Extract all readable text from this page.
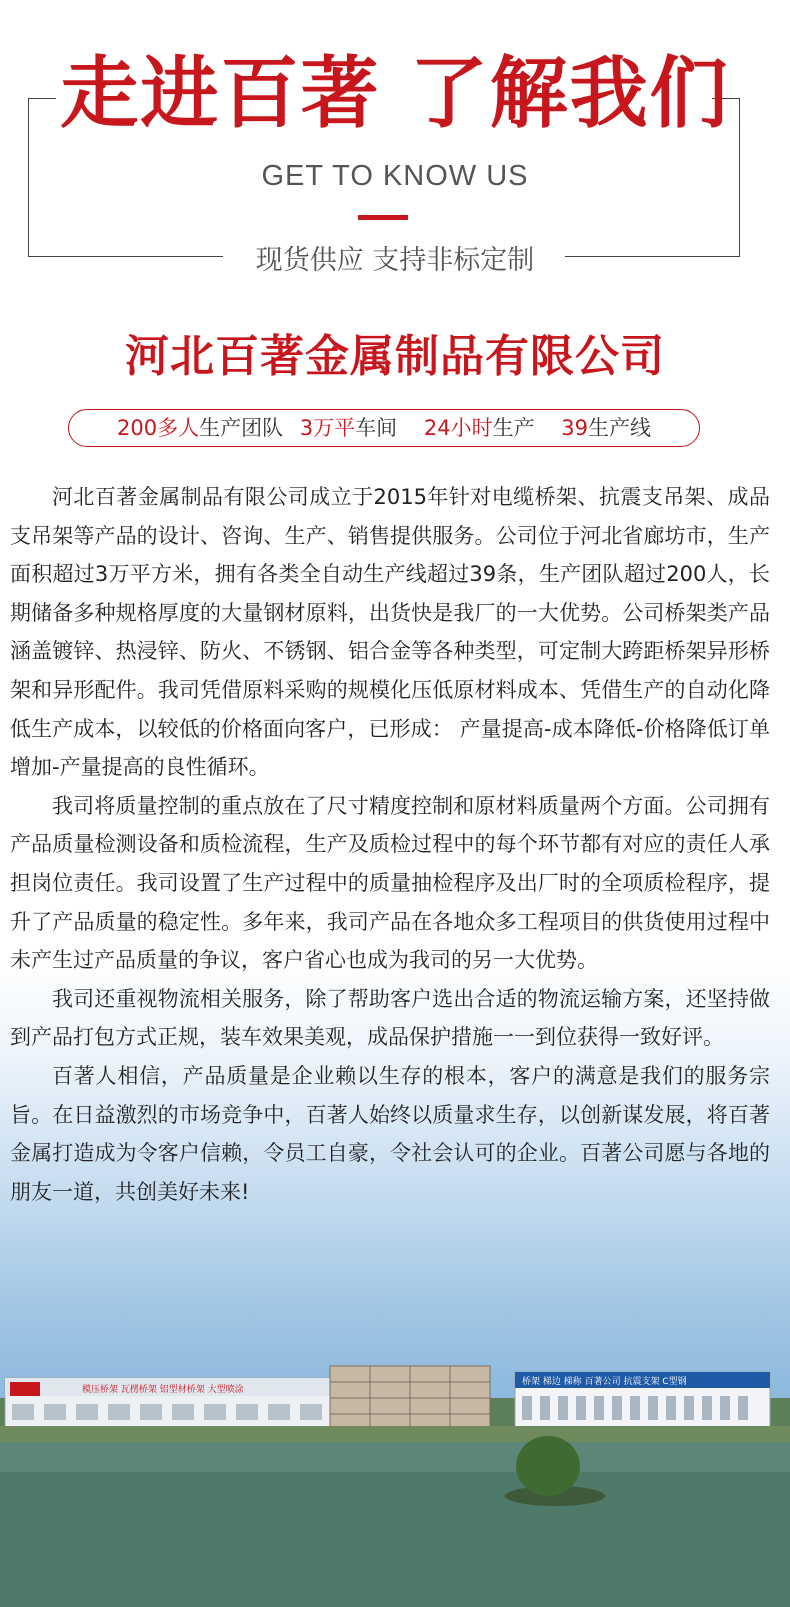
走进百著 了解我们
GET TO KNOW US
现货供应 支持非标定制
河北百著金属制品有限公司
200多人生产团队 3万平车间 24小时生产 39生产线

河北百著金属制品有限公司成立于2015年针对电缆桥架、抗震支吊架、成品支吊架等产品的设计、咨询、生产、销售提供服务。公司位于河北省廊坊市，生产面积超过3万平方米，拥有各类全自动生产线超过39条，生产团队超过200人，长期储备多种规格厚度的大量钢材原料，出货快是我厂的一大优势。公司桥架类产品涵盖镀锌、热浸锌、防火、不锈钢、铝合金等各种类型，可定制大跨距桥架异形桥架和异形配件。我司凭借原料采购的规模化压低原材料成本、凭借生产的自动化降低生产成本，以较低的价格面向客户，已形成： 产量提高-成本降低-价格降低订单增加-产量提高的良性循环。

我司将质量控制的重点放在了尺寸精度控制和原材料质量两个方面。公司拥有产品质量检测设备和质检流程，生产及质检过程中的每个环节都有对应的责任人承担岗位责任。我司设置了生产过程中的质量抽检程序及出厂时的全项质检程序，提升了产品质量的稳定性。多年来，我司产品在各地众多工程项目的供货使用过程中未产生过产品质量的争议，客户省心也成为我司的另一大优势。

我司还重视物流相关服务，除了帮助客户选出合适的物流运输方案，还坚持做到产品打包方式正规，装车效果美观，成品保护措施一一到位获得一致好评。

百著人相信，产品质量是企业赖以生存的根本，客户的满意是我们的服务宗旨。在日益激烈的市场竞争中，百著人始终以质量求生存，以创新谋发展，将百著金属打造成为令客户信赖，令员工自豪，令社会认可的企业。百著公司愿与各地的朋友一道，共创美好未来!

模压桥架 瓦楞桥架 铝型材桥架 大型喷涂
桥架 梯边 梯称 百著公司 抗震支架 C型钢
